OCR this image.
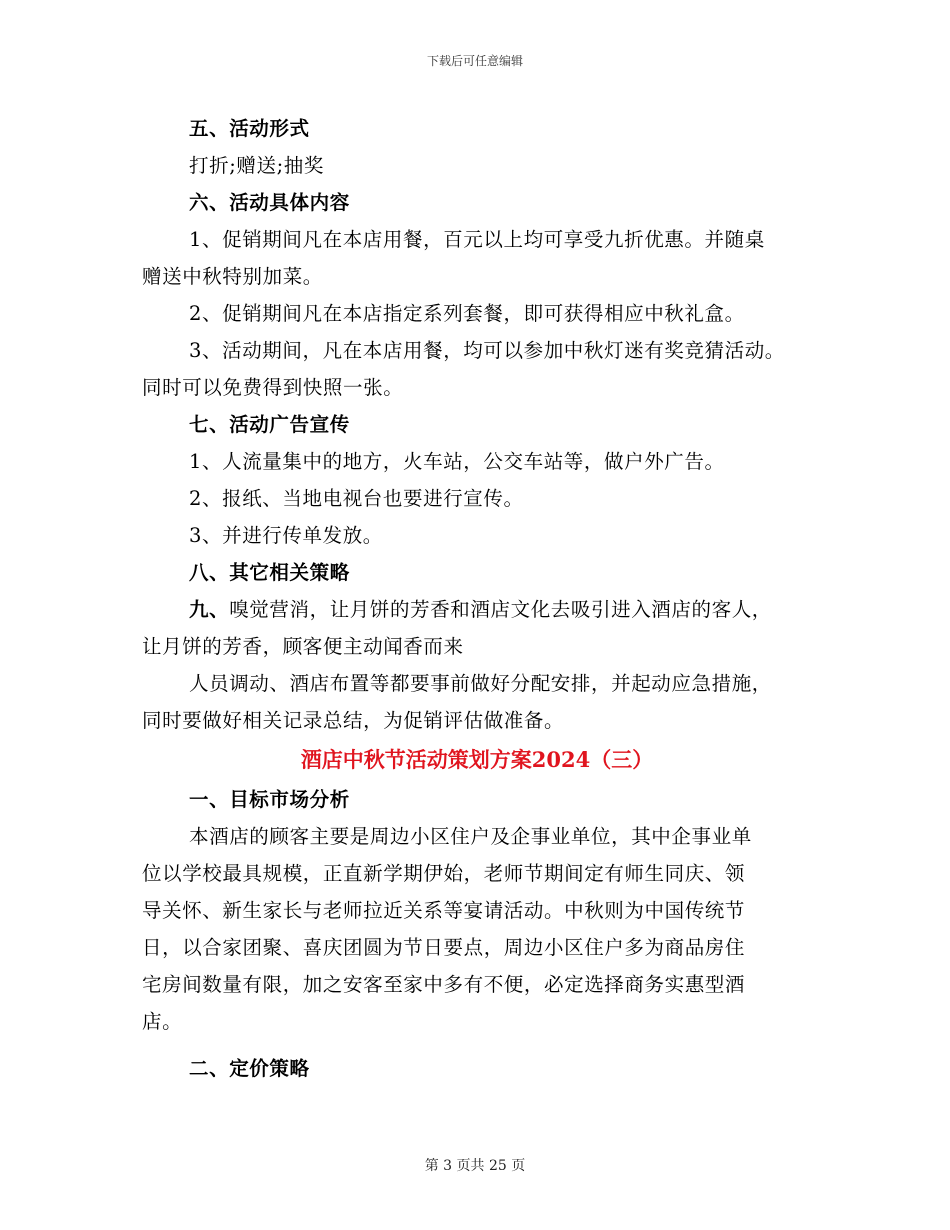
下载后可任意编辑
五、活动形式
打折;赠送;抽奖
六、活动具体内容
1、促销期间凡在本店用餐，百元以上均可享受九折优惠。并随桌
赠送中秋特别加菜。
2、促销期间凡在本店指定系列套餐，即可获得相应中秋礼盒。
3、活动期间，凡在本店用餐，均可以参加中秋灯迷有奖竞猜活动。
同时可以免费得到快照一张。
七、活动广告宣传
1、人流量集中的地方，火车站，公交车站等，做户外广告。
2、报纸、当地电视台也要进行宣传。
3、并进行传单发放。
八、其它相关策略
九、嗅觉营消，让月饼的芳香和酒店文化去吸引进入酒店的客人，
让月饼的芳香，顾客便主动闻香而来
人员调动、酒店布置等都要事前做好分配安排，并起动应急措施，
同时要做好相关记录总结，为促销评估做准备。
酒店中秋节活动策划方案2024（三）
一、目标市场分析
本酒店的顾客主要是周边小区住户及企事业单位，其中企事业单
位以学校最具规模，正直新学期伊始，老师节期间定有师生同庆、领
导关怀、新生家长与老师拉近关系等宴请活动。中秋则为中国传统节
日，以合家团聚、喜庆团圆为节日要点，周边小区住户多为商品房住
宅房间数量有限，加之安客至家中多有不便，必定选择商务实惠型酒
店。
二、定价策略
第 3 页共 25 页
